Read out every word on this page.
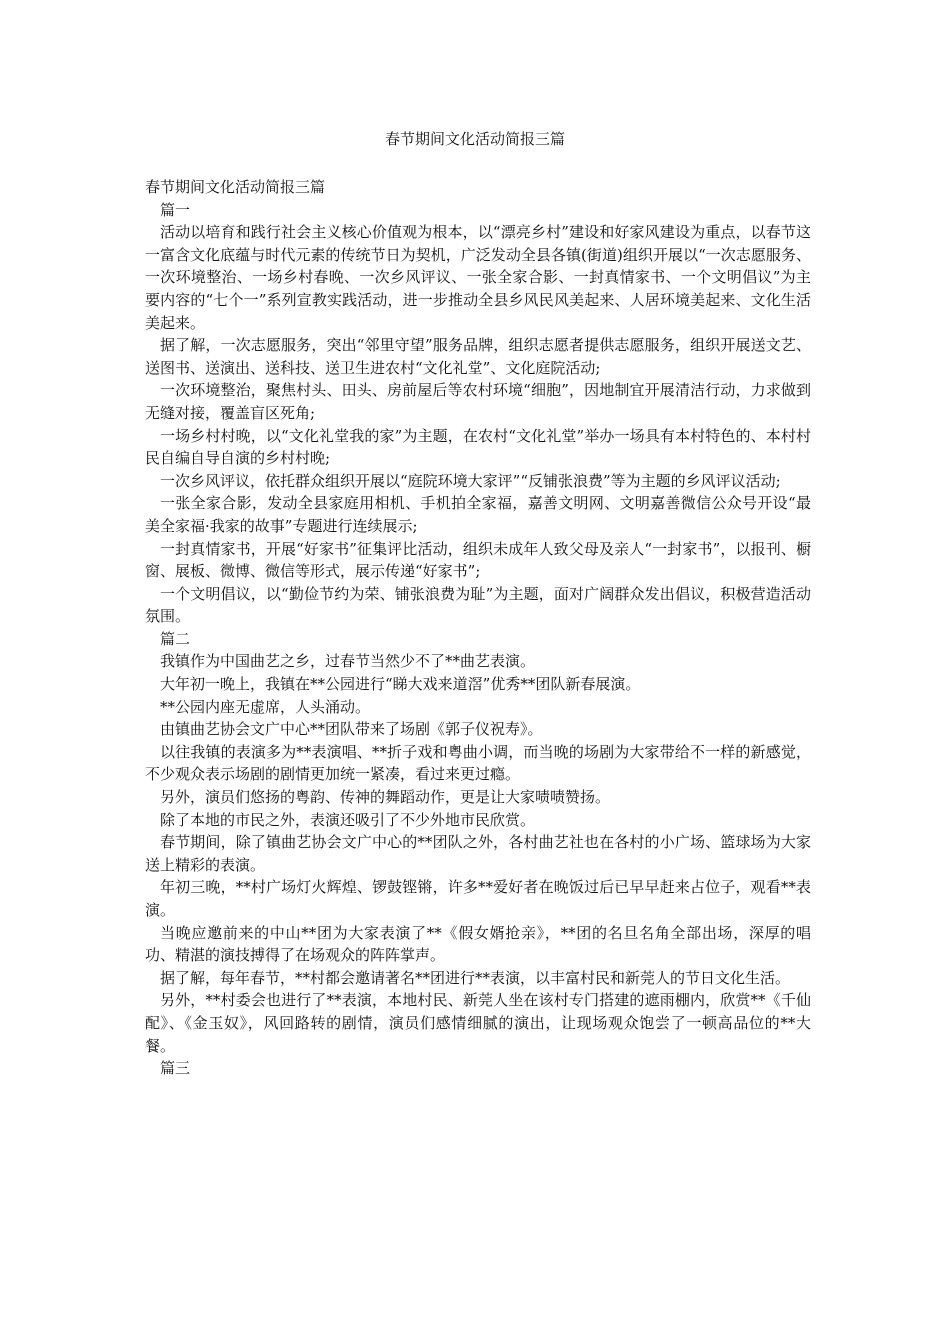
春节期间文化活动简报三篇

春节期间文化活动简报三篇

篇一

活动以培育和践行社会主义核心价值观为根本，以“漂亮乡村”建设和好家风建设为重点，以春节这一富含文化底蕴与时代元素的传统节日为契机，广泛发动全县各镇(街道)组织开展以“一次志愿服务、一次环境整治、一场乡村春晚、一次乡风评议、一张全家合影、一封真情家书、一个文明倡议”为主要内容的“七个一”系列宣教实践活动，进一步推动全县乡风民风美起来、人居环境美起来、文化生活美起来。

据了解，一次志愿服务，突出“邻里守望”服务品牌，组织志愿者提供志愿服务，组织开展送文艺、送图书、送演出、送科技、送卫生进农村“文化礼堂”、文化庭院活动;

一次环境整治，聚焦村头、田头、房前屋后等农村环境“细胞”，因地制宜开展清洁行动，力求做到无缝对接，覆盖盲区死角;

一场乡村村晚，以“文化礼堂我的家”为主题，在农村“文化礼堂”举办一场具有本村特色的、本村村民自编自导自演的乡村村晚;

一次乡风评议，依托群众组织开展以“庭院环境大家评”“反铺张浪费”等为主题的乡风评议活动;

一张全家合影，发动全县家庭用相机、手机拍全家福，嘉善文明网、文明嘉善微信公众号开设“最美全家福·我家的故事”专题进行连续展示;

一封真情家书，开展“好家书”征集评比活动，组织未成年人致父母及亲人“一封家书”，以报刊、橱窗、展板、微博、微信等形式，展示传递“好家书”;

一个文明倡议，以“勤俭节约为荣、铺张浪费为耻”为主题，面对广阔群众发出倡议，积极营造活动氛围。

篇二

我镇作为中国曲艺之乡，过春节当然少不了**曲艺表演。

大年初一晚上，我镇在**公园进行“睇大戏来道滘”优秀**团队新春展演。

**公园内座无虚席，人头涌动。

由镇曲艺协会文广中心**团队带来了场剧《郭子仪祝寿》。

以往我镇的表演多为**表演唱、**折子戏和粤曲小调，而当晚的场剧为大家带给不一样的新感觉，不少观众表示场剧的剧情更加统一紧凑，看过来更过瘾。

另外，演员们悠扬的粤韵、传神的舞蹈动作，更是让大家啧啧赞扬。

除了本地的市民之外，表演还吸引了不少外地市民欣赏。

春节期间，除了镇曲艺协会文广中心的**团队之外，各村曲艺社也在各村的小广场、篮球场为大家送上精彩的表演。

年初三晚，**村广场灯火辉煌、锣鼓铿锵，许多**爱好者在晚饭过后已早早赶来占位子，观看**表演。

当晚应邀前来的中山**团为大家表演了**《假女婿抢亲》，**团的名旦名角全部出场，深厚的唱功、精湛的演技搏得了在场观众的阵阵掌声。

据了解，每年春节，**村都会邀请著名**团进行**表演，以丰富村民和新莞人的节日文化生活。

另外，**村委会也进行了**表演，本地村民、新莞人坐在该村专门搭建的遮雨棚内，欣赏**《千仙配》、《金玉奴》，风回路转的剧情，演员们感情细腻的演出，让现场观众饱尝了一顿高品位的**大餐。

篇三
